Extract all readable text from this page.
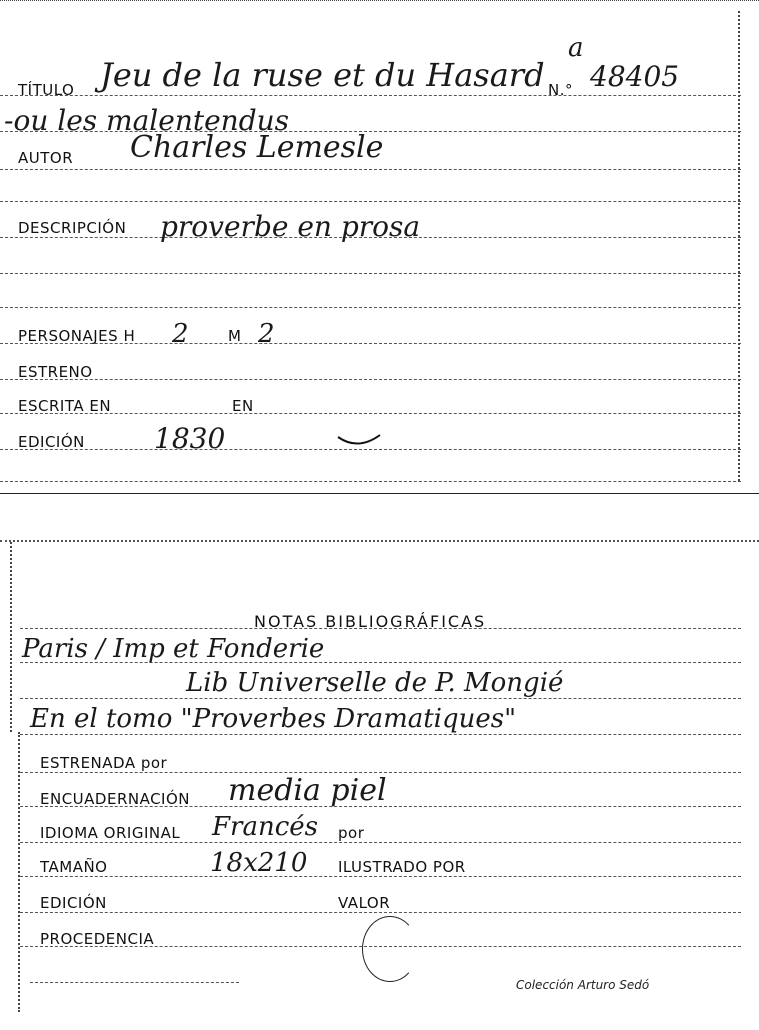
TÍTULO Jeu de la ruse et du Hasard N.° 48405
a
-ou les malentendus
AUTOR Charles Lemesle
DESCRIPCIÓN proverbe en prosa
PERSONAJES H 2	M 2
ESTRENO
ESCRITA EN	EN
EDICIÓN 1830
NOTAS BIBLIOGRÁFICAS
Paris / Imp et Fonderie
Lib Universelle de P. Mongié
En el tomo "Proverbes Dramatiques"
ESTRENADA por
ENCUADERNACIÓN media piel
IDIOMA ORIGINAL Francés por
TAMAÑO	18x210 ILUSTRADO POR
EDICIÓN	VALOR
PROCEDENCIA
Colección Arturo Sedó
